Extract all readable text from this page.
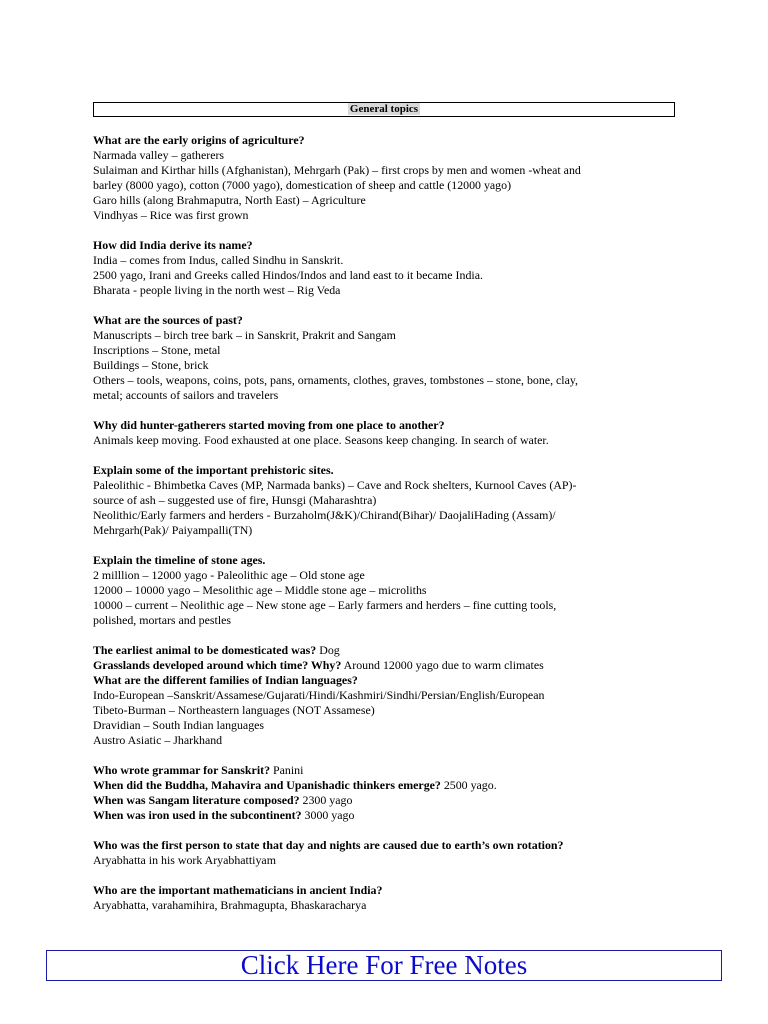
General topics
What are the early origins of agriculture?
Narmada valley – gatherers
Sulaiman and Kirthar hills (Afghanistan), Mehrgarh (Pak) – first crops by men and women -wheat and
barley (8000 yago), cotton (7000 yago), domestication of sheep and cattle (12000 yago)
Garo hills (along Brahmaputra, North East) – Agriculture
Vindhyas – Rice was first grown
How did India derive its name?
India – comes from Indus, called Sindhu in Sanskrit.
2500 yago, Irani and Greeks called Hindos/Indos and land east to it became India.
Bharata - people living in the north west – Rig Veda
What are the sources of past?
Manuscripts – birch tree bark – in Sanskrit, Prakrit and Sangam
Inscriptions – Stone, metal
Buildings – Stone, brick
Others – tools, weapons, coins, pots, pans, ornaments, clothes, graves, tombstones – stone, bone, clay,
metal; accounts of sailors and travelers
Why did hunter-gatherers started moving from one place to another?
Animals keep moving. Food exhausted at one place. Seasons keep changing. In search of water.
Explain some of the important prehistoric sites.
Paleolithic - Bhimbetka Caves (MP, Narmada banks) – Cave and Rock shelters, Kurnool Caves (AP)-
source of ash – suggested use of fire, Hunsgi (Maharashtra)
Neolithic/Early farmers and herders - Burzaholm(J&K)/Chirand(Bihar)/ DaojaliHading (Assam)/
Mehrgarh(Pak)/ Paiyampalli(TN)
Explain the timeline of stone ages.
2 milllion – 12000 yago - Paleolithic age – Old stone age
12000 – 10000 yago – Mesolithic age – Middle stone age – microliths
10000 – current – Neolithic age – New stone age – Early farmers and herders – fine cutting tools,
polished, mortars and pestles
The earliest animal to be domesticated was? Dog
Grasslands developed around which time? Why? Around 12000 yago due to warm climates
What are the different families of Indian languages?
Indo-European –Sanskrit/Assamese/Gujarati/Hindi/Kashmiri/Sindhi/Persian/English/European
Tibeto-Burman – Northeastern languages (NOT Assamese)
Dravidian – South Indian languages
Austro Asiatic – Jharkhand
Who wrote grammar for Sanskrit? Panini
When did the Buddha, Mahavira and Upanishadic thinkers emerge? 2500 yago.
When was Sangam literature composed? 2300 yago
When was iron used in the subcontinent? 3000 yago
Who was the first person to state that day and nights are caused due to earth’s own rotation?
Aryabhatta in his work Aryabhattiyam
Who are the important mathematicians in ancient India?
Aryabhatta, varahamihira, Brahmagupta, Bhaskaracharya
Click Here For Free Notes
